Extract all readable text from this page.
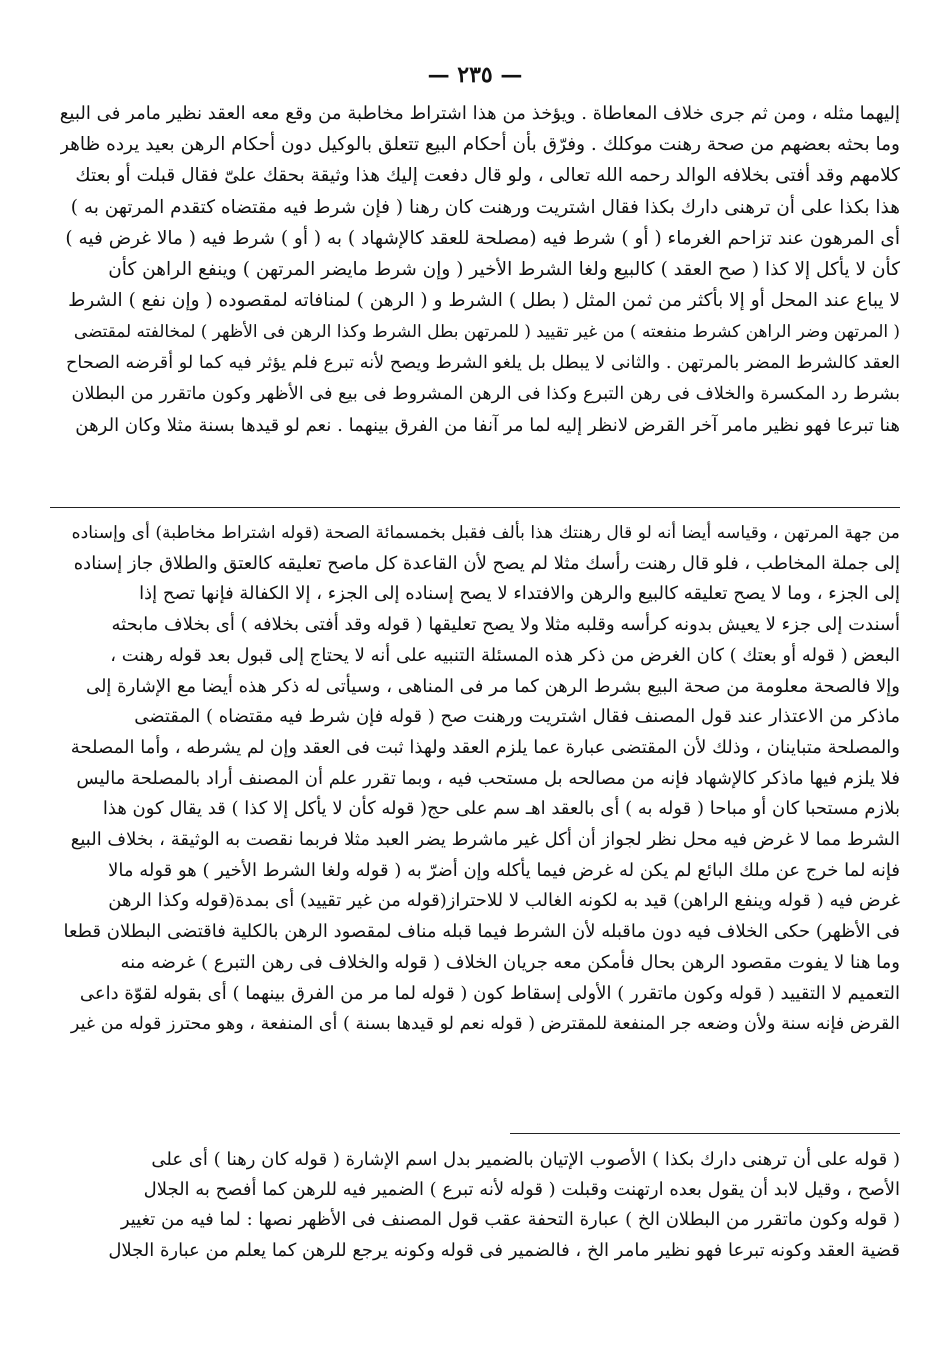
— ٢٣٥ —
إليهما مثله ، ومن ثم جرى خلاف المعاطاة . ويؤخذ من هذا اشتراط مخاطبة من وقع معه العقد نظير مامر فى البيع
وما بحثه بعضهم من صحة رهنت موكلك . وفرّق بأن أحكام البيع تتعلق بالوكيل دون أحكام الرهن بعيد يرده ظاهر
كلامهم وقد أفتى بخلافه الوالد رحمه الله تعالى ، ولو قال دفعت إليك هذا وثيقة بحقك علىّ فقال قبلت أو بعتك
هذا بكذا على أن ترهنى دارك بكذا فقال اشتريت ورهنت كان رهنا ( فإن شرط فيه مقتضاه كتقدم المرتهن به )
أى المرهون عند تزاحم الغرماء ( أو ) شرط فيه (مصلحة للعقد كالإشهاد ) به ( أو ) شرط فيه ( مالا غرض فيه )
كأن لا يأكل إلا كذا ( صح العقد ) كالبيع ولغا الشرط الأخير ( وإن شرط مايضر المرتهن ) وينفع الراهن كأن
لا يباع عند المحل أو إلا بأكثر من ثمن المثل ( بطل ) الشرط و ( الرهن ) لمنافاته لمقصوده ( وإن نفع ) الشرط
( المرتهن وضر الراهن كشرط منفعته ) من غير تقييد ( للمرتهن بطل الشرط وكذا الرهن فى الأظهر ) لمخالفته لمقتضى
العقد كالشرط المضر بالمرتهن . والثانى لا يبطل بل يلغو الشرط ويصح لأنه تبرع فلم يؤثر فيه كما لو أقرضه الصحاح
بشرط رد المكسرة والخلاف فى رهن التبرع وكذا فى الرهن المشروط فى بيع فى الأظهر وكون ماتقرر من البطلان
هنا تبرعا فهو نظير مامر آخر القرض لانظر إليه لما مر آنفا من الفرق بينهما . نعم لو قيدها بسنة مثلا وكان الرهن
من جهة المرتهن ، وقياسه أيضا أنه لو قال رهنتك هذا بألف فقبل بخمسمائة الصحة (قوله اشتراط مخاطبة) أى وإسناده
إلى جملة المخاطب ، فلو قال رهنت رأسك مثلا لم يصح لأن القاعدة كل ماصح تعليقه كالعتق والطلاق جاز إسناده
إلى الجزء ، وما لا يصح تعليقه كالبيع والرهن والافتداء لا يصح إسناده إلى الجزء ، إلا الكفالة فإنها تصح إذا
أسندت إلى جزء لا يعيش بدونه كرأسه وقلبه مثلا ولا يصح تعليقها ( قوله وقد أفتى بخلافه ) أى بخلاف مابحثه
البعض ( قوله أو بعتك ) كان الغرض من ذكر هذه المسئلة التنبيه على أنه لا يحتاج إلى قبول بعد قوله رهنت ،
وإلا فالصحة معلومة من صحة البيع بشرط الرهن كما مر فى المناهى ، وسيأتى له ذكر هذه أيضا مع الإشارة إلى
ماذكر من الاعتذار عند قول المصنف فقال اشتريت ورهنت صح ( قوله فإن شرط فيه مقتضاه ) المقتضى
والمصلحة متباينان ، وذلك لأن المقتضى عبارة عما يلزم العقد ولهذا ثبت فى العقد وإن لم يشرطه ، وأما المصلحة
فلا يلزم فيها ماذكر كالإشهاد فإنه من مصالحه بل مستحب فيه ، وبما تقرر علم أن المصنف أراد بالمصلحة ماليس
بلازم مستحبا كان أو مباحا ( قوله به ) أى بالعقد اهـ سم على حج( قوله كأن لا يأكل إلا كذا ) قد يقال كون هذا
الشرط مما لا غرض فيه محل نظر لجواز أن أكل غير ماشرط يضر العبد مثلا فربما نقصت به الوثيقة ، بخلاف البيع
فإنه لما خرج عن ملك البائع لم يكن له غرض فيما يأكله وإن أضرّ به ( قوله ولغا الشرط الأخير ) هو قوله مالا
غرض فيه ( قوله وينفع الراهن) قيد به لكونه الغالب لا للاحتراز(قوله من غير تقييد) أى بمدة(قوله وكذا الرهن
فى الأظهر) حكى الخلاف فيه دون ماقبله لأن الشرط فيما قبله مناف لمقصود الرهن بالكلية فاقتضى البطلان قطعا
وما هنا لا يفوت مقصود الرهن بحال فأمكن معه جريان الخلاف ( قوله والخلاف فى رهن التبرع ) غرضه منه
التعميم لا التقييد ( قوله وكون ماتقرر ) الأولى إسقاط كون ( قوله لما مر من الفرق بينهما ) أى بقوله لقوّة داعى
القرض فإنه سنة ولأن وضعه جر المنفعة للمقترض ( قوله نعم لو قيدها بسنة ) أى المنفعة ، وهو محترز قوله من غير
( قوله على أن ترهنى دارك بكذا ) الأصوب الإتيان بالضمير بدل اسم الإشارة ( قوله كان رهنا ) أى على
الأصح ، وقيل لابد أن يقول بعده ارتهنت وقبلت ( قوله لأنه تبرع ) الضمير فيه للرهن كما أفصح به الجلال
( قوله وكون ماتقرر من البطلان الخ ) عبارة التحفة عقب قول المصنف فى الأظهر نصها : لما فيه من تغيير
قضية العقد وكونه تبرعا فهو نظير مامر الخ ، فالضمير فى قوله وكونه يرجع للرهن كما يعلم من عبارة الجلال
